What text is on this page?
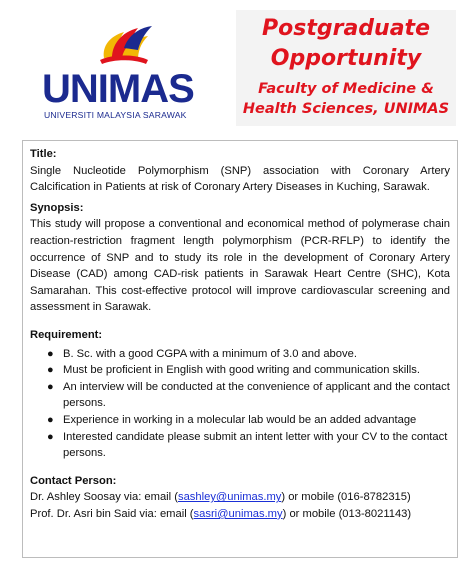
UNIMAS
UNIVERSITI MALAYSIA SARAWAK
Postgraduate
Opportunity
Faculty of Medicine &
Health Sciences, UNIMAS

Title:

Single Nucleotide Polymorphism (SNP) association with Coronary Artery Calcification in Patients at risk of Coronary Artery Diseases in Kuching, Sarawak.

Synopsis:

This study will propose a conventional and economical method of polymerase chain reaction-restriction fragment length polymorphism (PCR-RFLP) to identify the occurrence of SNP and to study its role in the development of Coronary Artery Disease (CAD) among CAD-risk patients in Sarawak Heart Centre (SHC), Kota Samarahan. This cost-effective protocol will improve cardiovascular screening and assessment in Sarawak.

Requirement:

● B. Sc. with a good CGPA with a minimum of 3.0 and above.
● Must be proficient in English with good writing and communication skills.
● An interview will be conducted at the convenience of applicant and the contact persons.
● Experience in working in a molecular lab would be an added advantage
● Interested candidate please submit an intent letter with your CV to the contact persons.

Contact Person:

Dr. Ashley Soosay via: email (sashley@unimas.my) or mobile (016-8782315)

Prof. Dr. Asri bin Said via: email (sasri@unimas.my) or mobile (013-8021143)
